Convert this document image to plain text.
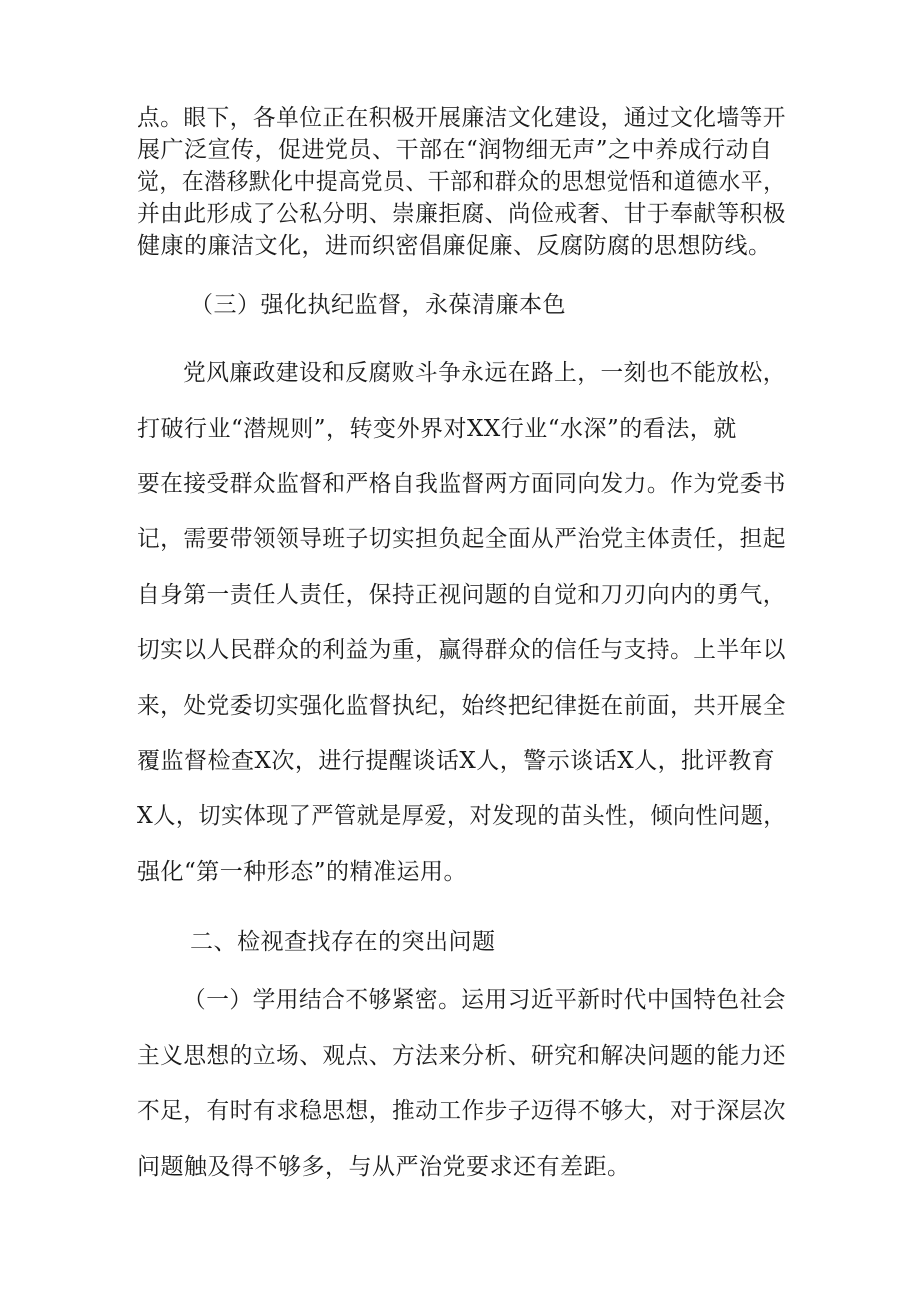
点。眼下，各单位正在积极开展廉洁文化建设，通过文化墙等开
展广泛宣传，促进党员、干部在“润物细无声”之中养成行动自
觉，在潜移默化中提高党员、干部和群众的思想觉悟和道德水平，
并由此形成了公私分明、崇廉拒腐、尚俭戒奢、甘于奉献等积极
健康的廉洁文化，进而织密倡廉促廉、反腐防腐的思想防线。
（三）强化执纪监督，永葆清廉本色
党风廉政建设和反腐败斗争永远在路上，一刻也不能放松，
打破行业“潜规则”，转变外界对XX行业“水深”的看法，就
要在接受群众监督和严格自我监督两方面同向发力。作为党委书
记，需要带领领导班子切实担负起全面从严治党主体责任，担起
自身第一责任人责任，保持正视问题的自觉和刀刃向内的勇气，
切实以人民群众的利益为重，赢得群众的信任与支持。上半年以
来，处党委切实强化监督执纪，始终把纪律挺在前面，共开展全
覆监督检查X次，进行提醒谈话X人，警示谈话X人，批评教育
X人，切实体现了严管就是厚爱，对发现的苗头性，倾向性问题，
强化“第一种形态”的精准运用。
二、检视查找存在的突出问题
（一）学用结合不够紧密。运用习近平新时代中国特色社会
主义思想的立场、观点、方法来分析、研究和解决问题的能力还
不足，有时有求稳思想，推动工作步子迈得不够大，对于深层次
问题触及得不够多，与从严治党要求还有差距。
